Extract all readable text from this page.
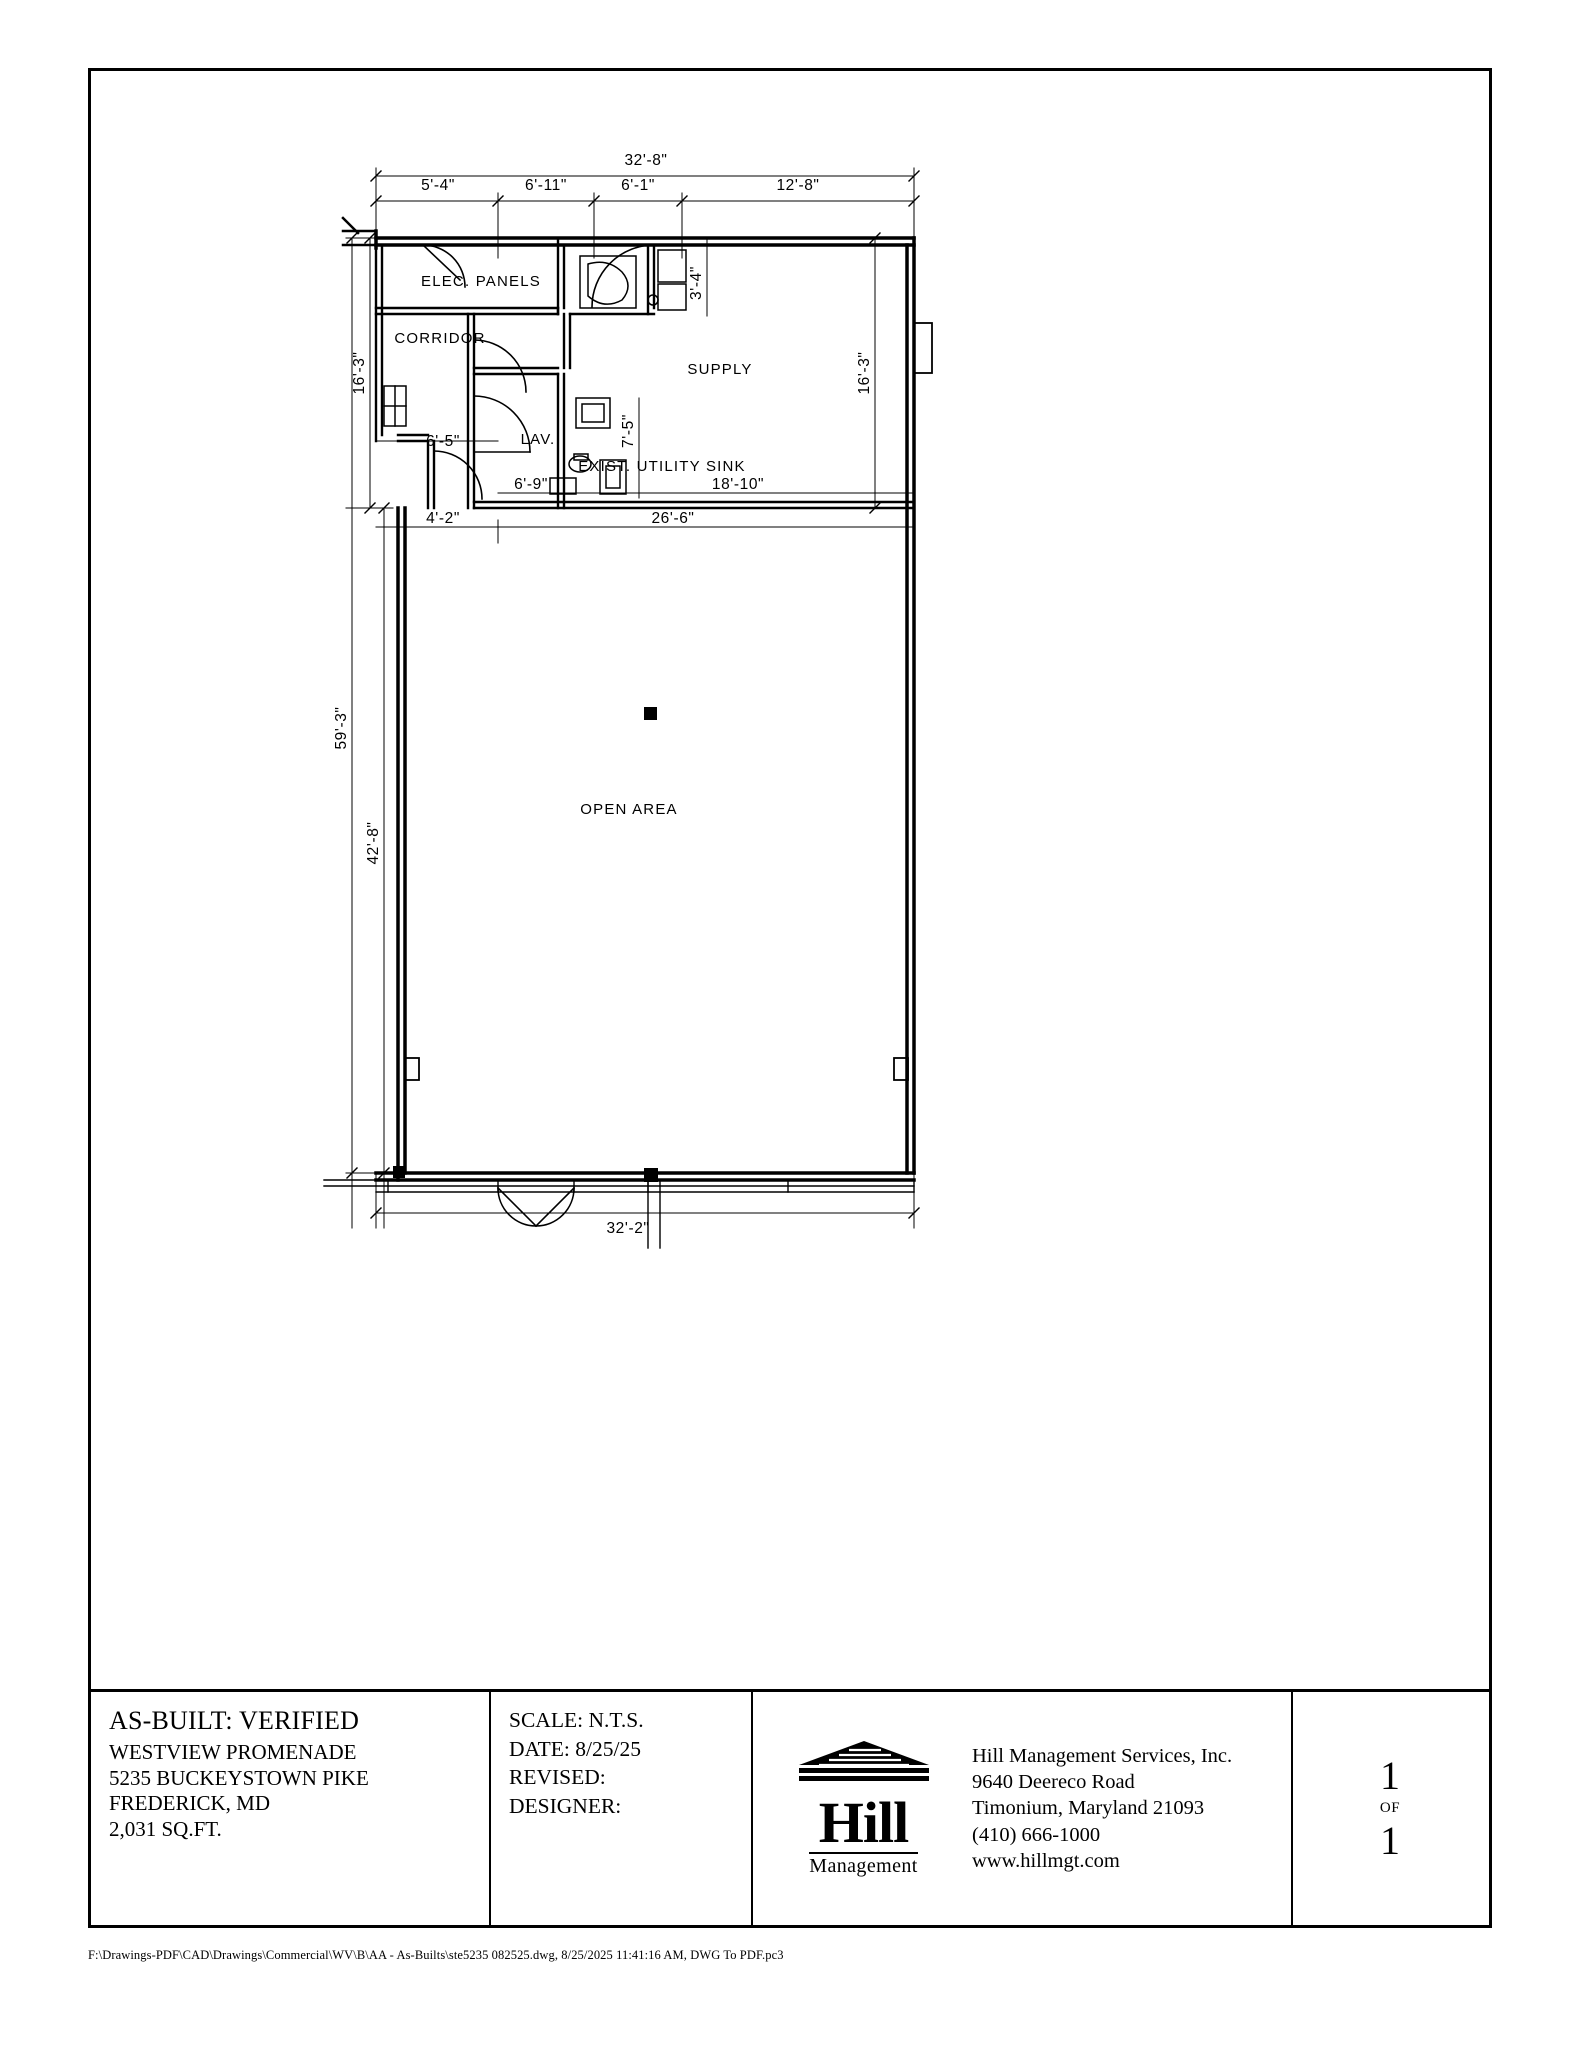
ELEC. PANELS
CORRIDOR
SUPPLY
LAV.
EXIST. UTILITY SINK
OPEN AREA
32'-8"
5'-4"	6'-11"	6'-1"	12'-8"
3'-4"
16'-3"	16'-3"
7'-5"
6'-5"
6'-9"	18'-10"
4'-2"	26'-6"
59'-3"
42'-8"
32'-2"
AS-BUILT: VERIFIED
WESTVIEW PROMENADE
5235 BUCKEYSTOWN PIKE
FREDERICK, MD
2,031 SQ.FT.
SCALE: N.T.S.
DATE: 8/25/25
REVISED:
DESIGNER:	Hill
Management
Hill Management Services, Inc.
9640 Deereco Road
Timonium, Maryland 21093
(410) 666-1000
www.hillmgt.com
1
OF
1
F:\Drawings-PDF\CAD\Drawings\Commercial\WV\B\AA - As-Builts\ste5235 082525.dwg, 8/25/2025 11:41:16 AM, DWG To PDF.pc3
